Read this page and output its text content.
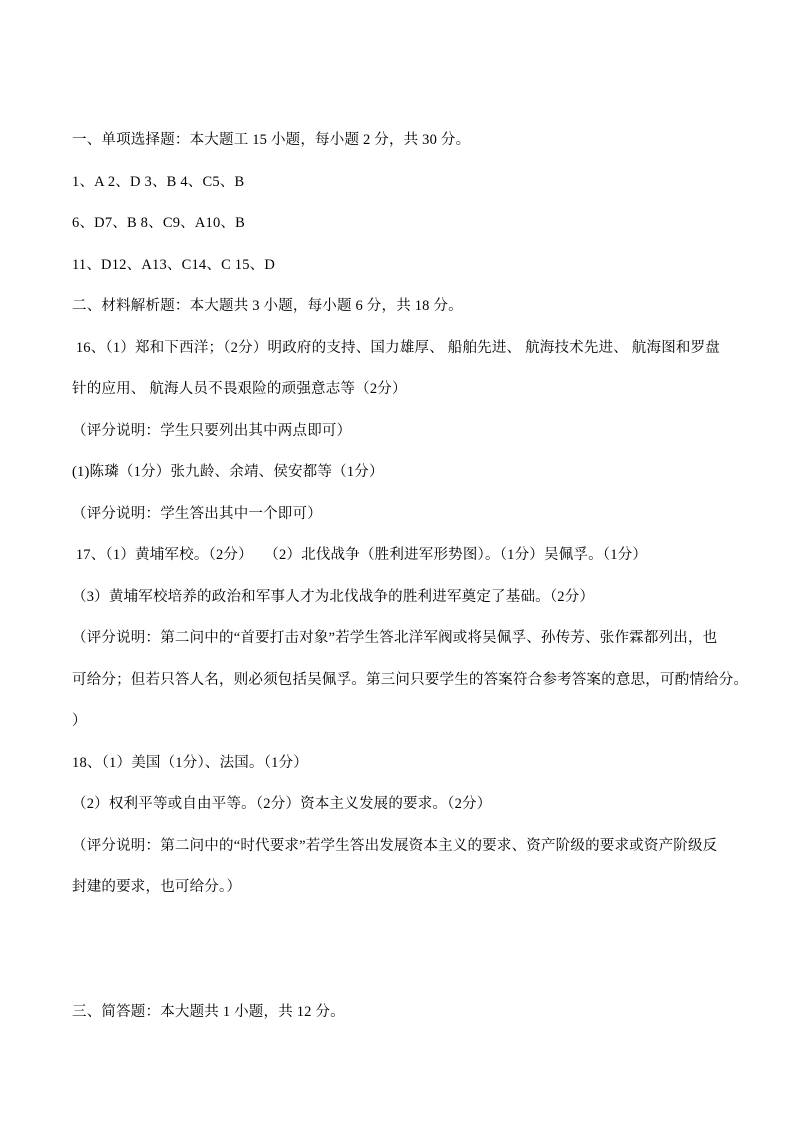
一、单项选择题：本大题工 15 小题，每小题 2 分，共 30 分。

1、A 2、D 3、B 4、C5、B

6、D7、B 8、C9、A10、B

11、D12、A13、C14、C 15、D

二、材料解析题：本大题共 3 小题，每小题 6 分，共 18 分。

16、（1）郑和下西洋；（2分）明政府的支持、国力雄厚、 船舶先进、 航海技术先进、 航海图和罗盘
针的应用、 航海人员不畏艰险的顽强意志等（2分）

（评分说明：学生只要列出其中两点即可）

(1)陈璘（1分）张九龄、余靖、侯安都等（1分）

（评分说明：学生答出其中一个即可）

17、（1）黄埔军校。（2分）   （2）北伐战争（胜利进军形势图）。（1分）吴佩孚。（1分）

（3）黄埔军校培养的政治和军事人才为北伐战争的胜利进军奠定了基础。（2分）

（评分说明：第二问中的“首要打击对象”若学生答北洋军阀或将吴佩孚、孙传芳、张作霖都列出，也
可给分；但若只答人名，则必须包括吴佩孚。第三问只要学生的答案符合参考答案的意思，可酌情给分。
）

18、（1）美国（1分）、法国。（1分）

（2）权利平等或自由平等。（2分）资本主义发展的要求。（2分）

（评分说明：第二问中的“时代要求”若学生答出发展资本主义的要求、资产阶级的要求或资产阶级反
封建的要求，也可给分。）

三、简答题：本大题共 1 小题，共 12 分。
